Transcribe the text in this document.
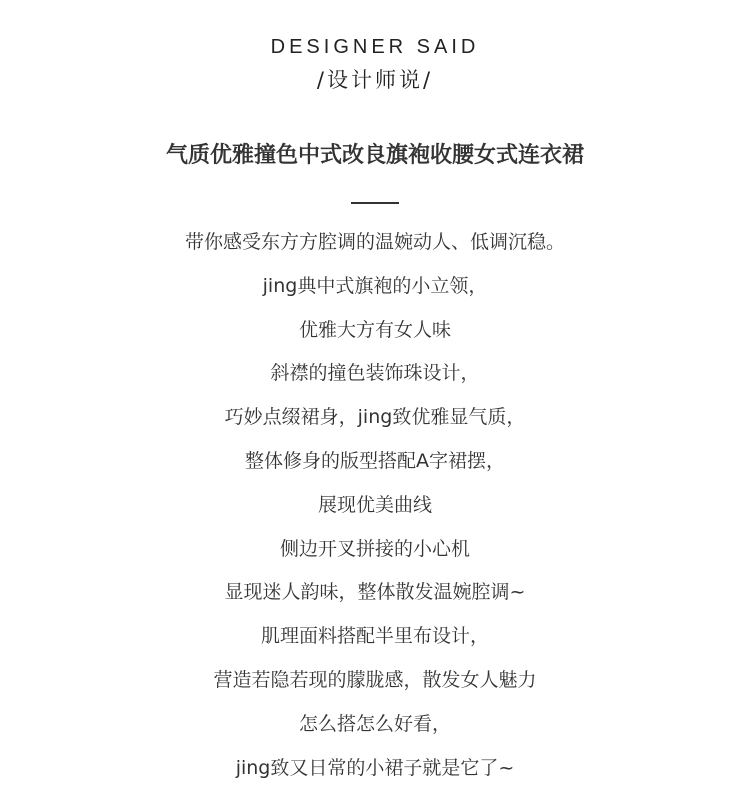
DESIGNER SAID
/设计师说/
气质优雅撞色中式改良旗袍收腰女式连衣裙
带你感受东方方腔调的温婉动人、低调沉稳。
jing典中式旗袍的小立领，
优雅大方有女人味
斜襟的撞色装饰珠设计，
巧妙点缀裙身，jing致优雅显气质，
整体修身的版型搭配A字裙摆，
展现优美曲线
侧边开叉拼接的小心机
显现迷人韵味，整体散发温婉腔调~
肌理面料搭配半里布设计，
营造若隐若现的朦胧感，散发女人魅力
怎么搭怎么好看，
jing致又日常的小裙子就是它了~
